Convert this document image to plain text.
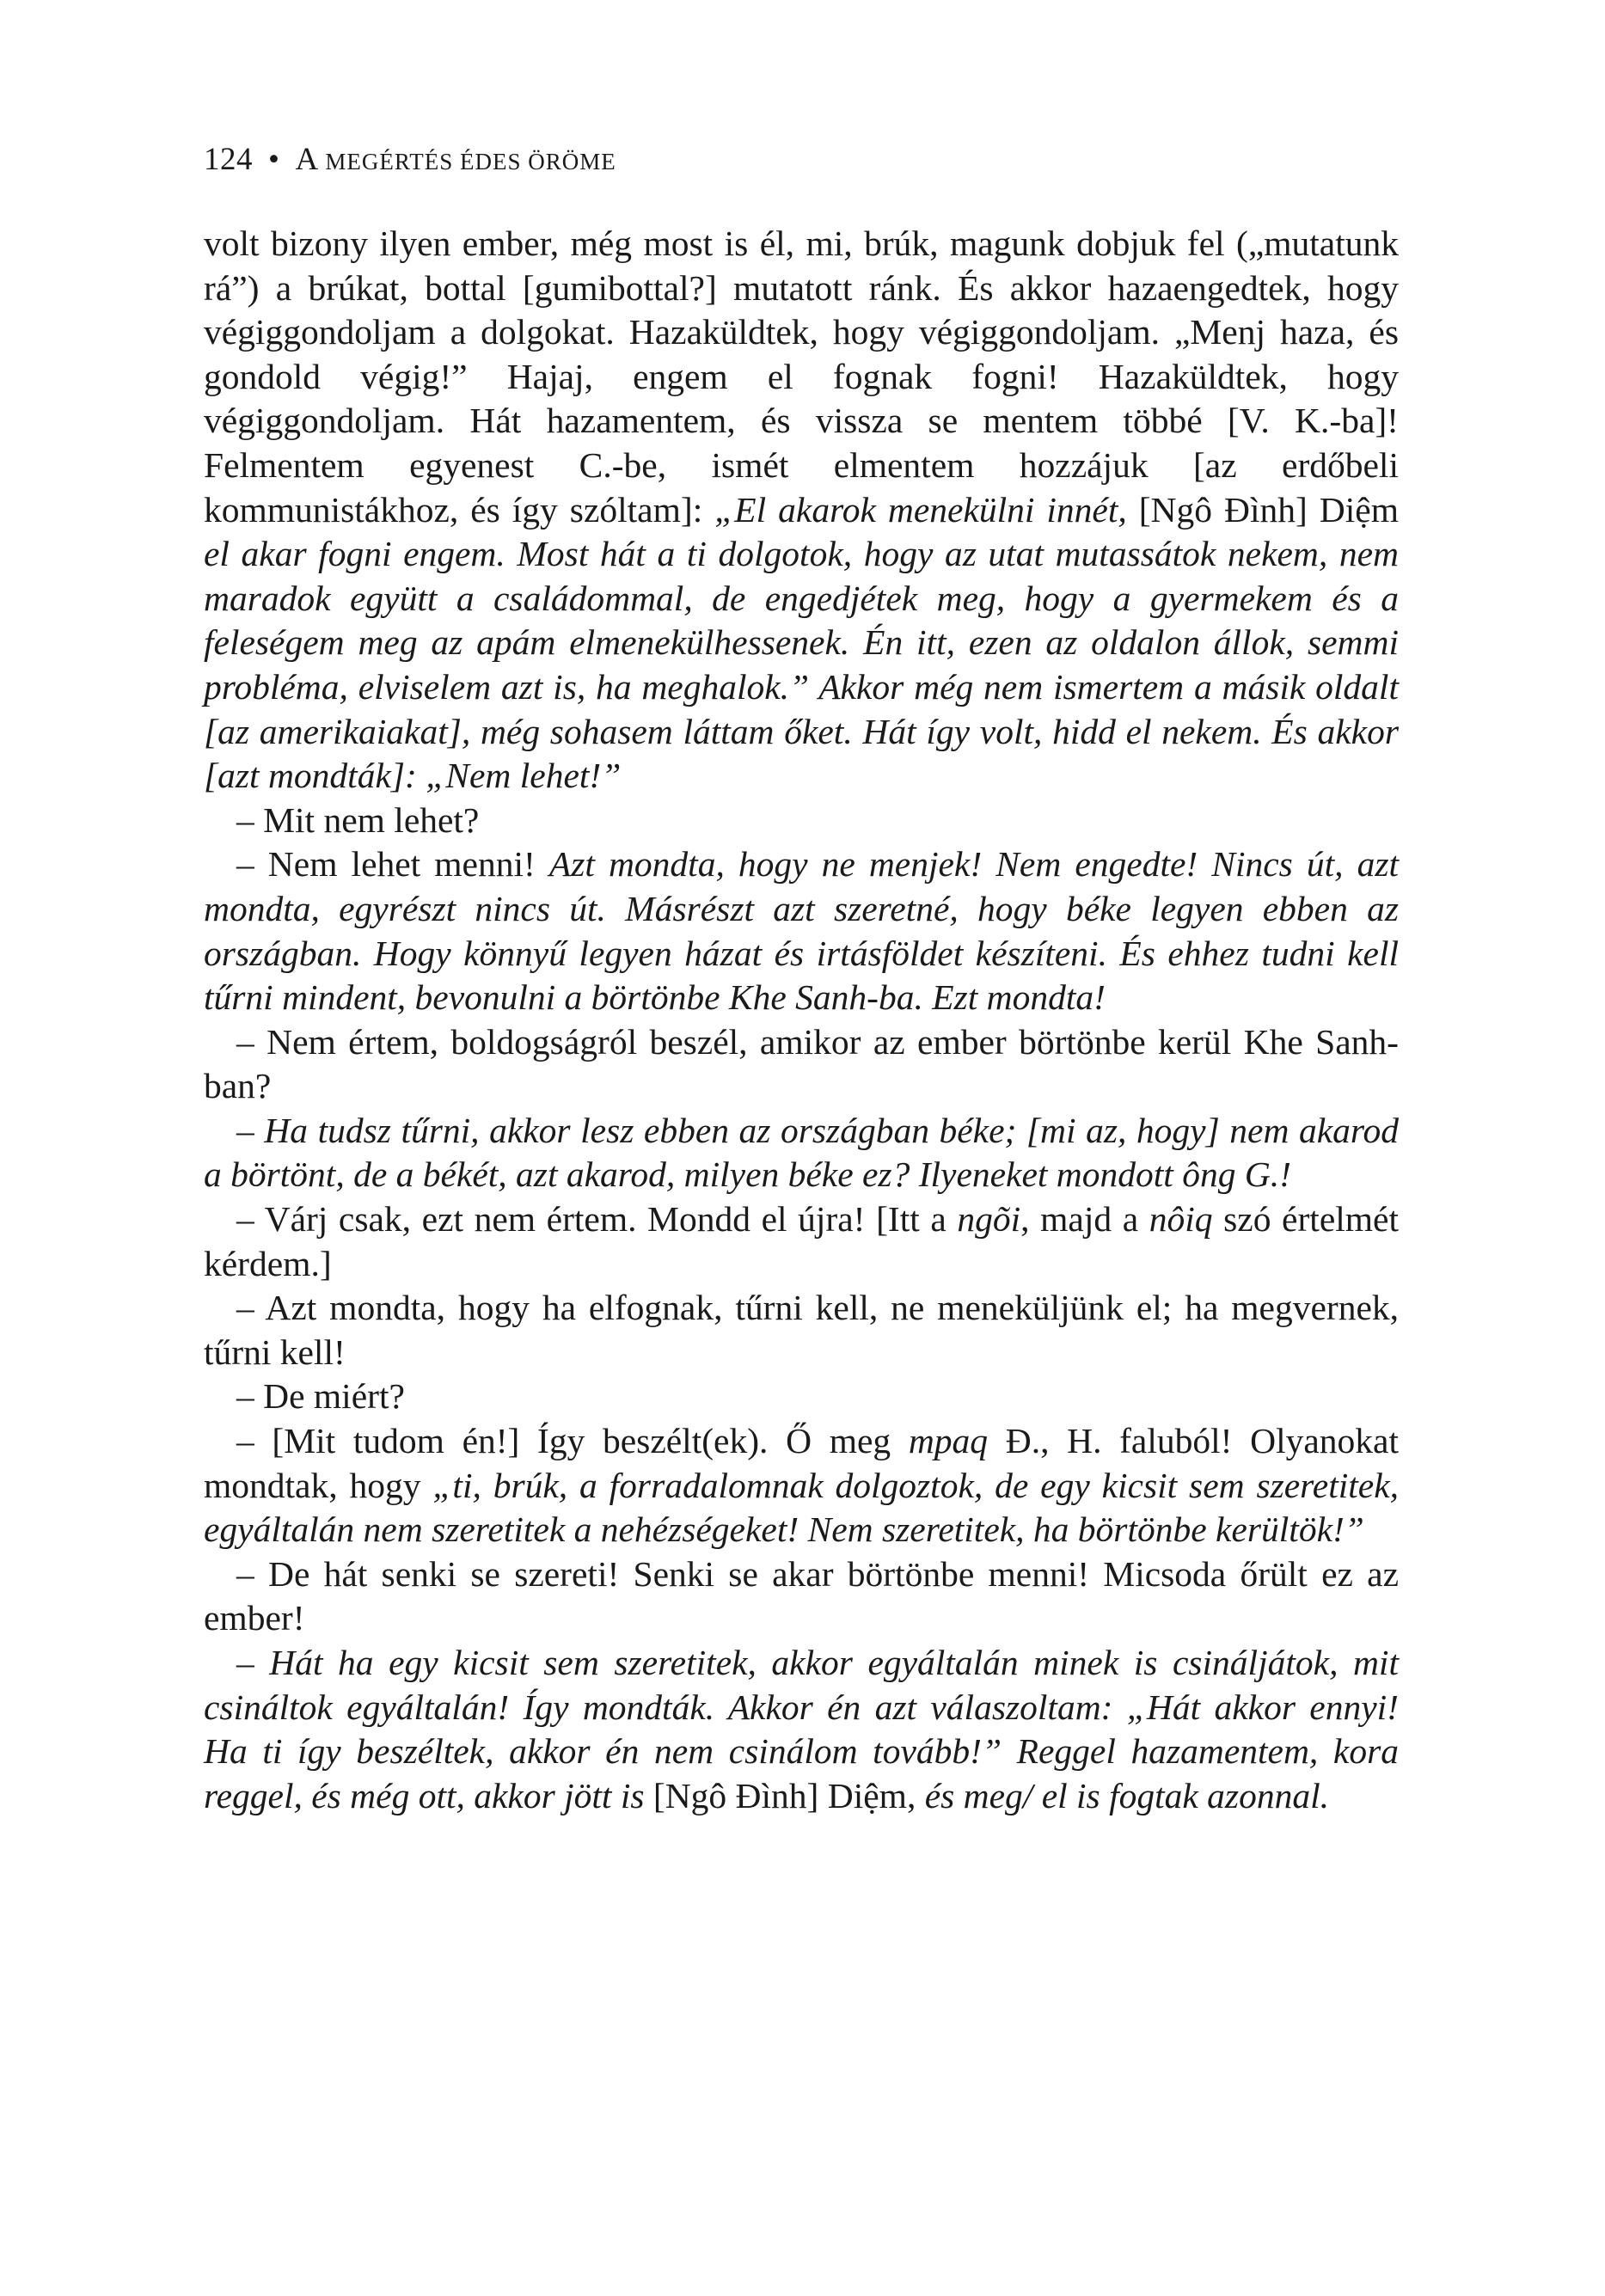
124 • A MEGÉRTÉS ÉDES ÖRÖME

volt bizony ilyen ember, még most is él, mi, brúk, magunk dobjuk fel („mutatunk rá”) a brúkat, bottal [gumibottal?] mutatott ránk. És akkor hazaengedtek, hogy végiggondoljam a dolgokat. Hazaküldtek, hogy végiggondoljam. „Menj haza, és gondold végig!” Hajaj, engem el fognak fogni! Hazaküldtek, hogy végiggondoljam. Hát hazamentem, és vissza se mentem többé [V. K.-ba]! Felmentem egyenest C.-be, ismét elmentem hozzájuk [az erdőbeli kommunistákhoz, és így szóltam]: „El akarok menekülni innét, [Ngô Đình] Diệm el akar fogni engem. Most hát a ti dolgotok, hogy az utat mutassátok nekem, nem maradok együtt a családommal, de engedjétek meg, hogy a gyermekem és a feleségem meg az apám elmenekülhessenek. Én itt, ezen az oldalon állok, semmi probléma, elviselem azt is, ha meghalok.” Akkor még nem ismertem a másik oldalt [az amerikaiakat], még sohasem láttam őket. Hát így volt, hidd el nekem. És akkor [azt mondták]: „Nem lehet!”

– Mit nem lehet?

– Nem lehet menni! Azt mondta, hogy ne menjek! Nem engedte! Nincs út, azt mondta, egyrészt nincs út. Másrészt azt szeretné, hogy béke legyen ebben az országban. Hogy könnyű legyen házat és irtásföldet készíteni. És ehhez tudni kell tűrni mindent, bevonulni a börtönbe Khe Sanh-ba. Ezt mondta!

– Nem értem, boldogságról beszél, amikor az ember börtönbe kerül Khe Sanh-ban?

– Ha tudsz tűrni, akkor lesz ebben az országban béke; [mi az, hogy] nem akarod a börtönt, de a békét, azt akarod, milyen béke ez? Ilyeneket mondott ông G.!

– Várj csak, ezt nem értem. Mondd el újra! [Itt a ngõi, majd a nôiq szó értelmét kérdem.]

– Azt mondta, hogy ha elfognak, tűrni kell, ne meneküljünk el; ha megvernek, tűrni kell!

– De miért?

– [Mit tudom én!] Így beszélt(ek). Ő meg mpaq Đ., H. faluból! Olyanokat mondtak, hogy „ti, brúk, a forradalomnak dolgoztok, de egy kicsit sem szeretitek, egyáltalán nem szeretitek a nehézségeket! Nem szeretitek, ha börtönbe kerültök!”

– De hát senki se szereti! Senki se akar börtönbe menni! Micsoda őrült ez az ember!

– Hát ha egy kicsit sem szeretitek, akkor egyáltalán minek is csinálјátok, mit csináltok egyáltalán! Így mondták. Akkor én azt válaszoltam: „Hát akkor ennyi! Ha ti így beszéltek, akkor én nem csinálom tovább!” Reggel hazamentem, kora reggel, és még ott, akkor jött is [Ngô Đình] Diệm, és meg/ el is fogtak azonnal.
